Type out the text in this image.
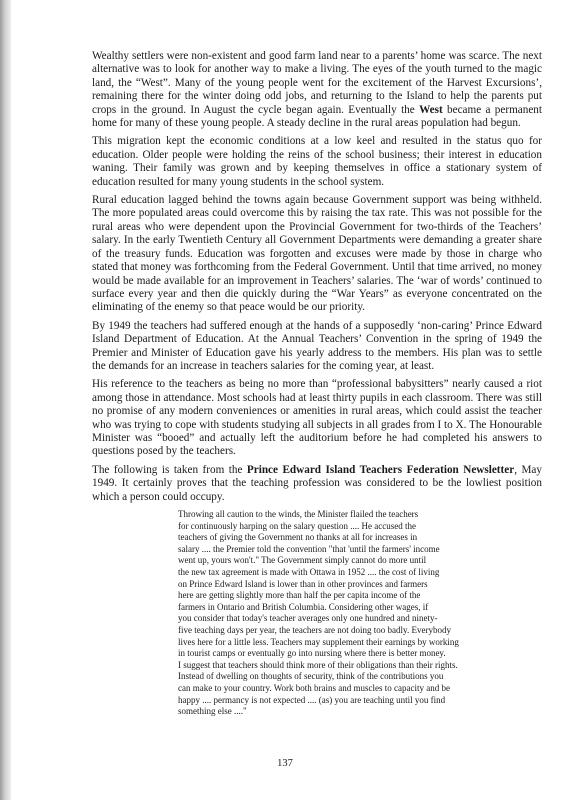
Wealthy settlers were non-existent and good farm land near to a parents’ home was scarce. The next alternative was to look for another way to make a living. The eyes of the youth turned to the magic land, the “West”. Many of the young people went for the excitement of the Harvest Excursions’, remaining there for the winter doing odd jobs, and returning to the Island to help the parents put crops in the ground. In August the cycle began again. Eventually the West became a permanent home for many of these young people. A steady decline in the rural areas population had begun.

This migration kept the economic conditions at a low keel and resulted in the status quo for education. Older people were holding the reins of the school business; their interest in education waning. Their family was grown and by keeping themselves in office a stationary system of education resulted for many young students in the school system.

Rural education lagged behind the towns again because Government support was being withheld. The more populated areas could overcome this by raising the tax rate. This was not possible for the rural areas who were dependent upon the Provincial Government for two-thirds of the Teachers’ salary. In the early Twentieth Century all Government Departments were demanding a greater share of the treasury funds. Education was forgotten and excuses were made by those in charge who stated that money was forthcoming from the Federal Government. Until that time arrived, no money would be made available for an improvement in Teachers’ salaries. The ‘war of words’ continued to surface every year and then die quickly during the “War Years” as everyone concentrated on the eliminating of the enemy so that peace would be our priority.

By 1949 the teachers had suffered enough at the hands of a supposedly ‘non-caring’ Prince Edward Island Department of Education. At the Annual Teachers’ Convention in the spring of 1949 the Premier and Minister of Education gave his yearly address to the members. His plan was to settle the demands for an increase in teachers salaries for the coming year, at least.

His reference to the teachers as being no more than “professional babysitters” nearly caused a riot among those in attendance. Most schools had at least thirty pupils in each classroom. There was still no promise of any modern conveniences or amenities in rural areas, which could assist the teacher who was trying to cope with students studying all subjects in all grades from I to X. The Honourable Minister was “booed” and actually left the auditorium before he had completed his answers to questions posed by the teachers.

The following is taken from the Prince Edward Island Teachers Federation Newsletter, May 1949. It certainly proves that the teaching profession was considered to be the lowliest position which a person could occupy.

Throwing all caution to the winds, the Minister flailed the teachers
for continuously harping on the salary question .... He accused the
teachers of giving the Government no thanks at all for increases in
salary .... the Premier told the convention "that 'until the farmers' income
went up, yours won't." The Government simply cannot do more until
the new tax agreement is made with Ottawa in 1952 .... the cost of living
on Prince Edward Island is lower than in other provinces and farmers
here are getting slightly more than half the per capita income of the
farmers in Ontario and British Columbia. Considering other wages, if
you consider that today's teacher averages only one hundred and ninety-
five teaching days per year, the teachers are not doing too badly. Everybody
lives here for a little less. Teachers may supplement their earnings by working
in tourist camps or eventually go into nursing where there is better money.
I suggest that teachers should think more of their obligations than their rights.
Instead of dwelling on thoughts of security, think of the contributions you
can make to your country. Work both brains and muscles to capacity and be
happy .... permancy is not expected .... (as) you are teaching until you find something else ...."
137
